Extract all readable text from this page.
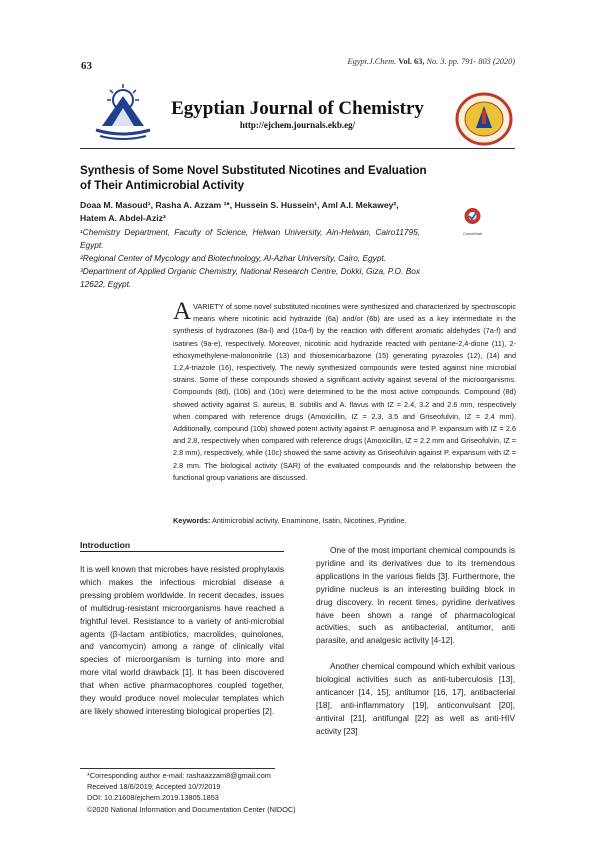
63	Egypt.J.Chem. Vol. 63, No. 3. pp. 791- 803 (2020)
Egyptian Journal of Chemistry
http://ejchem.journals.ekb.eg/
Synthesis of Some Novel Substituted Nicotines and Evaluation of Their Antimicrobial Activity
Doaa M. Masoud¹, Rasha A. Azzam ¹*, Hussein S. Hussein¹, Aml A.I. Mekawey²,
Hatem A. Abdel-Aziz³
CrossMark
¹Chemistry Department, Faculty of Science, Helwan University, Ain-Helwan, Cairo11795, Egypt.
²Regional Center of Mycology and Biotechnology, Al-Azhar University, Cairo, Egypt.
³Department of Applied Organic Chemistry, National Research Centre, Dokki, Giza, P.O. Box 12622, Egypt.
AVARIETY of some novel substituted nicotines were synthesized and characterized by spectroscopic means where nicotinic acid hydrazide (6a) and/or (6b) are used as a key intermediate in the synthesis of hydrazones (8a-l) and (10a-f) by the reaction with different aromatic aldehydes (7a-f) and isatines (9a-e), respectively. Moreover, nicotinic acid hydrazide reacted with pentane-2,4-dione (11), 2-ethoxymethylene-malononitrile (13) and thiosemicarbazone (15) generating pyrazoles (12), (14) and 1,2,4-triazole (16), respectively. The newly synthesized compounds were tested against nine microbial strains. Some of these compounds showed a significant activity against several of the microorganisms. Compounds (8d), (10b) and (10c) were determined to be the most active compounds. Compound (8d) showed activity against S. aureus, B. subtilis and A. flavus with IZ = 2.4, 3.2 and 2.6 mm, respectively when compared with reference drugs (Amoxicillin, IZ = 2.3, 3.5 and Griseofulvin, IZ = 2.4 mm). Additionally, compound (10b) showed potent activity against P. aeruginosa and P. expansum with IZ = 2.6 and 2.8, respectively when compared with reference drugs (Amoxicillin, IZ = 2.2 mm and Griseofulvin, IZ = 2.8 mm), respectively, while (10c) showed the same activity as Griseofulvin against P. expansum with IZ = 2.8 mm. The biological activity (SAR) of the evaluated compounds and the relationship between the functional group variations are discussed.
Keywords: Antimicrobial activity, Enaminone, Isatin, Nicotines, Pyridine.
Introduction

It is well known that microbes have resisted prophylaxis which makes the infectious microbial disease a pressing problem worldwide. In recent decades, issues of multidrug-resistant microorganisms have reached a frightful level. Resistance to a variety of anti-microbial agents (β-lactam antibiotics, macrolides, quinolones, and vancomycin) among a range of clinically vital species of microorganism is turning into more and more vital world drawback [1]. It has been discovered that when active pharmacophores coupled together, they would produce novel molecular templates which are likely showed interesting biological properties [2].

One of the most important chemical compounds is pyridine and its derivatives due to its tremendous applications in the various fields [3]. Furthermore, the pyridine nucleus is an interesting building block in drug discovery. In recent times, pyridine derivatives have been shown a range of pharmacological activities, such as antibacterial, antitumor, anti parasite, and analgesic activity [4-12].

Another chemical compound which exhibit various biological activities such as anti-tuberculosis [13], anticancer [14, 15], antitumor [16, 17], antibacterial [18], anti-inflammatory [19], anticonvulsant [20], antiviral [21], antifungal [22] as well as anti-HIV activity [23]

*Corresponding author e-mail: rashaazzam8@gmail.com
Received 18/6/2019; Accepted 10/7/2019
DOI: 10.21608/ejchem.2019.13805.1853
©2020 National Information and Documentation Center (NIDOC)
